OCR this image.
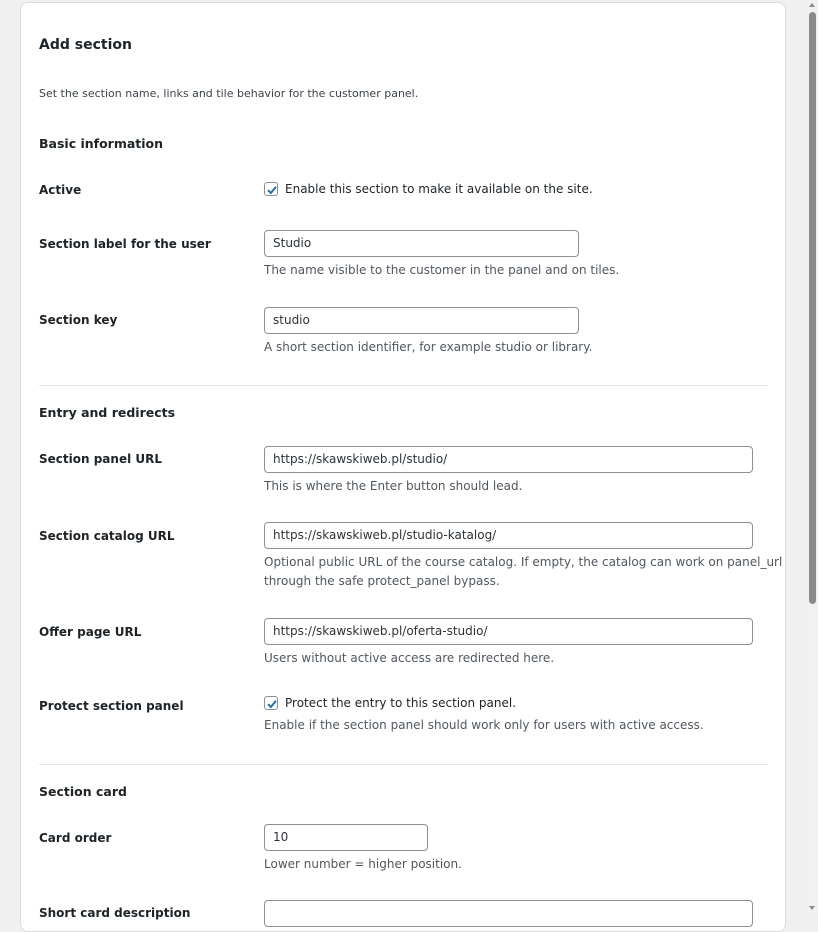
Add section
Set the section name, links and tile behavior for the customer panel.
Basic information
Active	Enable this section to make it available on the site.
Section label for the user	Studio
The name visible to the customer in the panel and on tiles.
Section key	studio
A short section identifier, for example studio or library.
Entry and redirects
Section panel URL	https://skawskiweb.pl/studio/
This is where the Enter button should lead.
Section catalog URL	https://skawskiweb.pl/studio-katalog/
Optional public URL of the course catalog. If empty, the catalog can work on panel_url
through the safe protect_panel bypass.
Offer page URL	https://skawskiweb.pl/oferta-studio/
Users without active access are redirected here.
Protect section panel	Protect the entry to this section panel.
Enable if the section panel should work only for users with active access.
Section card
Card order	10
Lower number = higher position.
Short card description
